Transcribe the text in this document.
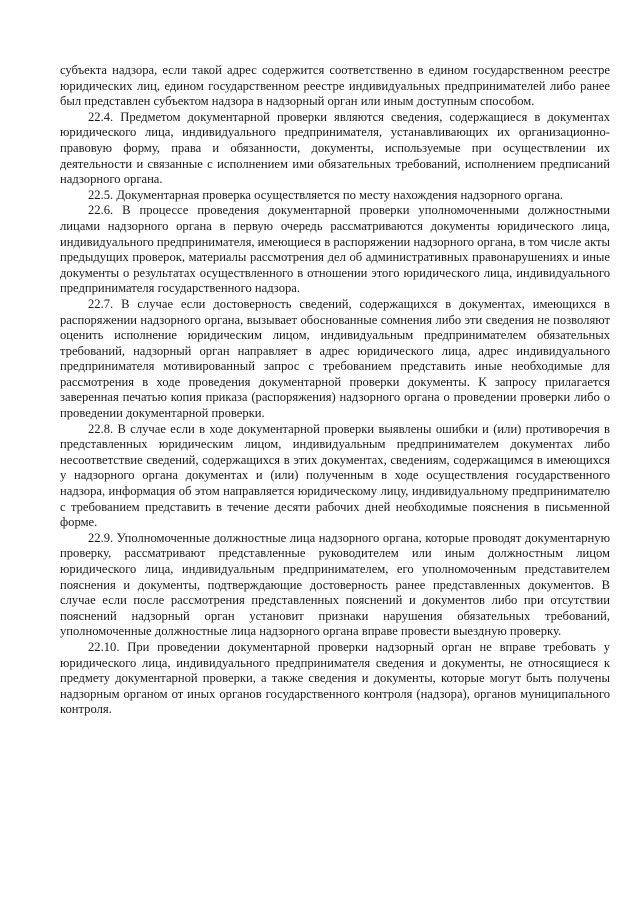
субъекта надзора, если такой адрес содержится соответственно в едином государственном реестре юридических лиц, едином государственном реестре индивидуальных предпринимателей либо ранее был представлен субъектом надзора в надзорный орган или иным доступным способом.

22.4. Предметом документарной проверки являются сведения, содержащиеся в документах юридического лица, индивидуального предпринимателя, устанавливающих их организационно-правовую форму, права и обязанности, документы, используемые при осуществлении их деятельности и связанные с исполнением ими обязательных требований, исполнением предписаний надзорного органа.

22.5. Документарная проверка осуществляется по месту нахождения надзорного органа.

22.6. В процессе проведения документарной проверки уполномоченными должностными лицами надзорного органа в первую очередь рассматриваются документы юридического лица, индивидуального предпринимателя, имеющиеся в распоряжении надзорного органа, в том числе акты предыдущих проверок, материалы рассмотрения дел об административных правонарушениях и иные документы о результатах осуществленного в отношении этого юридического лица, индивидуального предпринимателя государственного надзора.

22.7. В случае если достоверность сведений, содержащихся в документах, имеющихся в распоряжении надзорного органа, вызывает обоснованные сомнения либо эти сведения не позволяют оценить исполнение юридическим лицом, индивидуальным предпринимателем обязательных требований, надзорный орган направляет в адрес юридического лица, адрес индивидуального предпринимателя мотивированный запрос с требованием представить иные необходимые для рассмотрения в ходе проведения документарной проверки документы. К запросу прилагается заверенная печатью копия приказа (распоряжения) надзорного органа о проведении проверки либо о проведении документарной проверки.

22.8. В случае если в ходе документарной проверки выявлены ошибки и (или) противоречия в представленных юридическим лицом, индивидуальным предпринимателем документах либо несоответствие сведений, содержащихся в этих документах, сведениям, содержащимся в имеющихся у надзорного органа документах и (или) полученным в ходе осуществления государственного надзора, информация об этом направляется юридическому лицу, индивидуальному предпринимателю с требованием представить в течение десяти рабочих дней необходимые пояснения в письменной форме.

22.9. Уполномоченные должностные лица надзорного органа, которые проводят документарную проверку, рассматривают представленные руководителем или иным должностным лицом юридического лица, индивидуальным предпринимателем, его уполномоченным представителем пояснения и документы, подтверждающие достоверность ранее представленных документов. В случае если после рассмотрения представленных пояснений и документов либо при отсутствии пояснений надзорный орган установит признаки нарушения обязательных требований, уполномоченные должностные лица надзорного органа вправе провести выездную проверку.

22.10. При проведении документарной проверки надзорный орган не вправе требовать у юридического лица, индивидуального предпринимателя сведения и документы, не относящиеся к предмету документарной проверки, а также сведения и документы, которые могут быть получены надзорным органом от иных органов государственного контроля (надзора), органов муниципального контроля.
